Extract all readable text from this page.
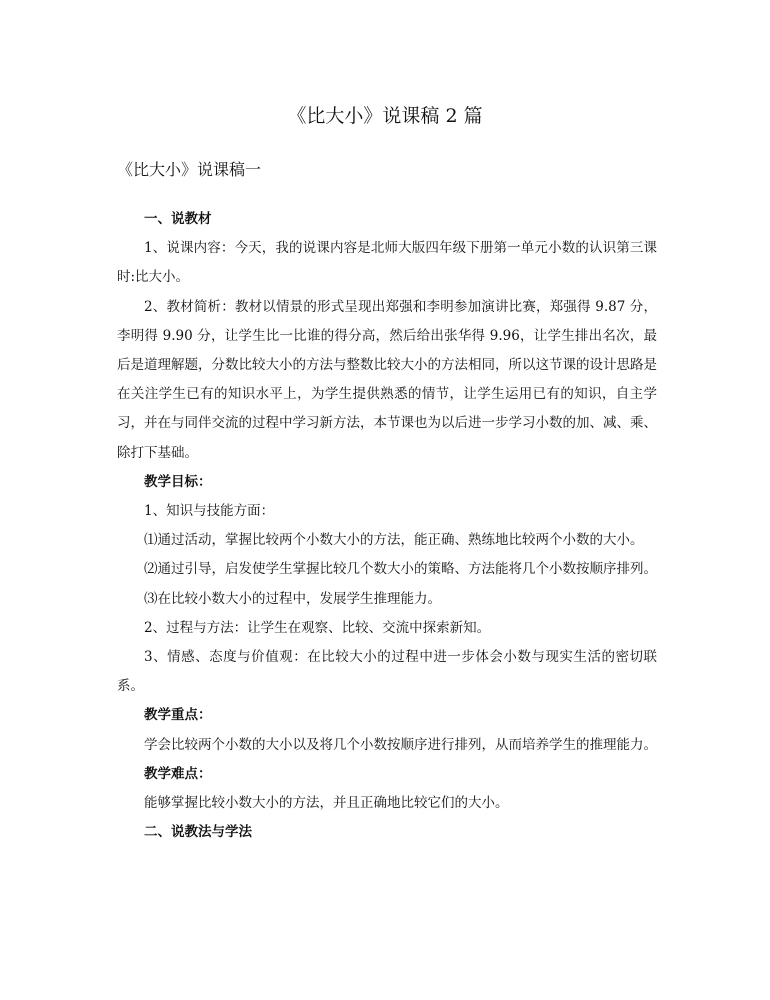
《比大小》说课稿 2 篇
《比大小》说课稿一

一、说教材

1、说课内容：今天，我的说课内容是北师大版四年级下册第一单元小数的认识第三课时:比大小。

2、教材简析：教材以情景的形式呈现出郑强和李明参加演讲比赛，郑强得 9.87 分，李明得 9.90 分，让学生比一比谁的得分高，然后给出张华得 9.96，让学生排出名次，最后是道理解题，分数比较大小的方法与整数比较大小的方法相同，所以这节课的设计思路是在关注学生已有的知识水平上，为学生提供熟悉的情节，让学生运用已有的知识，自主学习，并在与同伴交流的过程中学习新方法，本节课也为以后进一步学习小数的加、减、乘、除打下基础。

教学目标：

1、知识与技能方面：

⑴通过活动，掌握比较两个小数大小的方法，能正确、熟练地比较两个小数的大小。

⑵通过引导，启发使学生掌握比较几个数大小的策略、方法能将几个小数按顺序排列。

⑶在比较小数大小的过程中，发展学生推理能力。

2、过程与方法：让学生在观察、比较、交流中探索新知。

3、情感、态度与价值观：在比较大小的过程中进一步体会小数与现实生活的密切联系。

教学重点：

学会比较两个小数的大小以及将几个小数按顺序进行排列，从而培养学生的推理能力。

教学难点：

能够掌握比较小数大小的方法，并且正确地比较它们的大小。

二、说教法与学法
